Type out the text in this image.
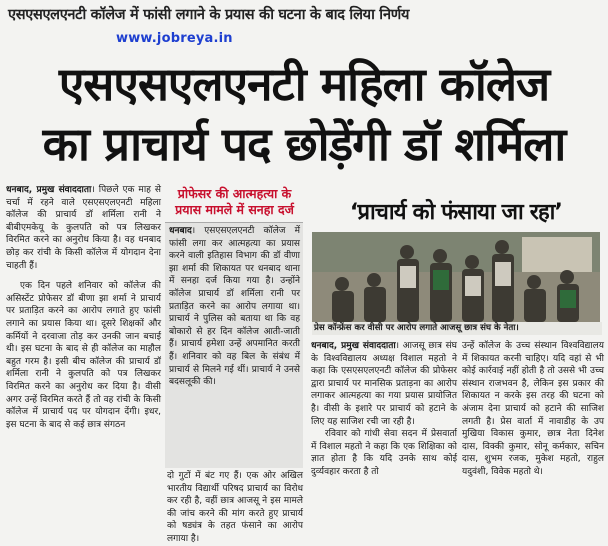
एसएसएलएनटी कॉलेज में फांसी लगाने के प्रयास की घटना के बाद लिया निर्णय
www.jobreya.in
एसएसएलएनटी महिला कॉलेज
का प्राचार्य पद छोड़ेंगी डॉ शर्मिला

धनबाद, प्रमुख संवाददाता। पिछले एक माह से चर्चा में रहने वाले एसएसएलएनटी महिला कॉलेज की प्राचार्य डॉ शर्मिला रानी ने बीबीएमकेयू के कुलपति को पत्र लिखकर विरमित करने का अनुरोध किया है। वह धनबाद छोड़ कर रांची के किसी कॉलेज में योगदान देना चाहती हैं।

एक दिन पहले शनिवार को कॉलेज की असिस्टेंट प्रोफेसर डॉ बीणा झा शर्मा ने प्राचार्य पर प्रताड़ित करने का आरोप लगाते हुए फांसी लगाने का प्रयास किया था। दूसरे शिक्षकों और कर्मियों ने दरवाजा तोड़ कर उनकी जान बचाई थी। इस घटना के बाद से ही कॉलेज का माहौल बहुत गरम है। इसी बीच कॉलेज की प्राचार्य डॉ शर्मिला रानी ने कुलपति को पत्र लिखकर विरमित करने का अनुरोध कर दिया है। वीसी अगर उन्हें विरमित करते हैं तो वह रांची के किसी कॉलेज में प्राचार्य पद पर योगदान देंगी। इधर, इस घटना के बाद से कई छात्र संगठन

प्रोफेसर की आत्महत्या के प्रयास मामले में सनहा दर्ज

धनबाद। एसएसएलएनटी कॉलेज में फांसी लगा कर आत्महत्या का प्रयास करने वाली इतिहास विभाग की डॉ वीणा झा शर्मा की शिकायत पर धनबाद थाना में सनहा दर्ज किया गया है। उन्होंने कॉलेज प्राचार्य डॉ शर्मिला रानी पर प्रताड़ित करने का आरोप लगाया था। प्राचार्य ने पुलिस को बताया था कि वह बोकारो से हर दिन कॉलेज आती-जाती हैं। प्राचार्य हमेशा उन्हें अपमानित करती हैं। शनिवार को वह बिल के संबंध में प्राचार्य से मिलने गई थीं। प्राचार्य ने उनसे बदसलूकी की।

दो गुटों में बंट गए हैं। एक ओर अखिल भारतीय विद्यार्थी परिषद प्राचार्य का विरोध कर रही है, वहीं छात्र आजसू ने इस मामले की जांच करने की मांग करते हुए प्राचार्य को षड्यंत्र के तहत फंसाने का आरोप लगाया है।

‘प्राचार्य को फंसाया जा रहा’
प्रेस कॉन्फ्रेंस कर वीसी पर आरोप लगाते आजसू छात्र संघ के नेता।

धनबाद, प्रमुख संवाददाता। आजसू छात्र संघ के विश्वविद्यालय अध्यक्ष विशाल महतो ने कहा कि एसएसएलएनटी कॉलेज की प्रोफेसर द्वारा प्राचार्य पर मानसिक प्रताड़ना का आरोप लगाकर आत्महत्या का गया प्रयास प्रायोजित है। वीसी के इशारे पर प्राचार्य को हटाने के लिए यह साजिश रची जा रही है।

रविवार को गांधी सेवा सदन में प्रेसवार्ता में विशाल महतो ने कहा कि एक शिक्षिका को ज्ञात होता है कि यदि उनके साथ कोई दुर्व्यवहार करता है तो

उन्हें कॉलेज के उच्च संस्थान विश्वविद्यालय में शिकायत करनी चाहिए। यदि वहां से भी कोई कार्रवाई नहीं होती है तो उससे भी उच्च संस्थान राजभवन है, लेकिन इस प्रकार की शिकायत न करके इस तरह की घटना को अंजाम देना प्राचार्य को हटाने की साजिश लगती है। प्रेस वार्ता में नावाडीह के उप मुखिया विकास कुमार, छात्र नेता दिनेश दास, विक्की कुमार, सोनू कर्मकार, सचिन दास, शुभम रजक, मुकेश महतो, राहुल यदुवंशी, विवेक महतो थे।
